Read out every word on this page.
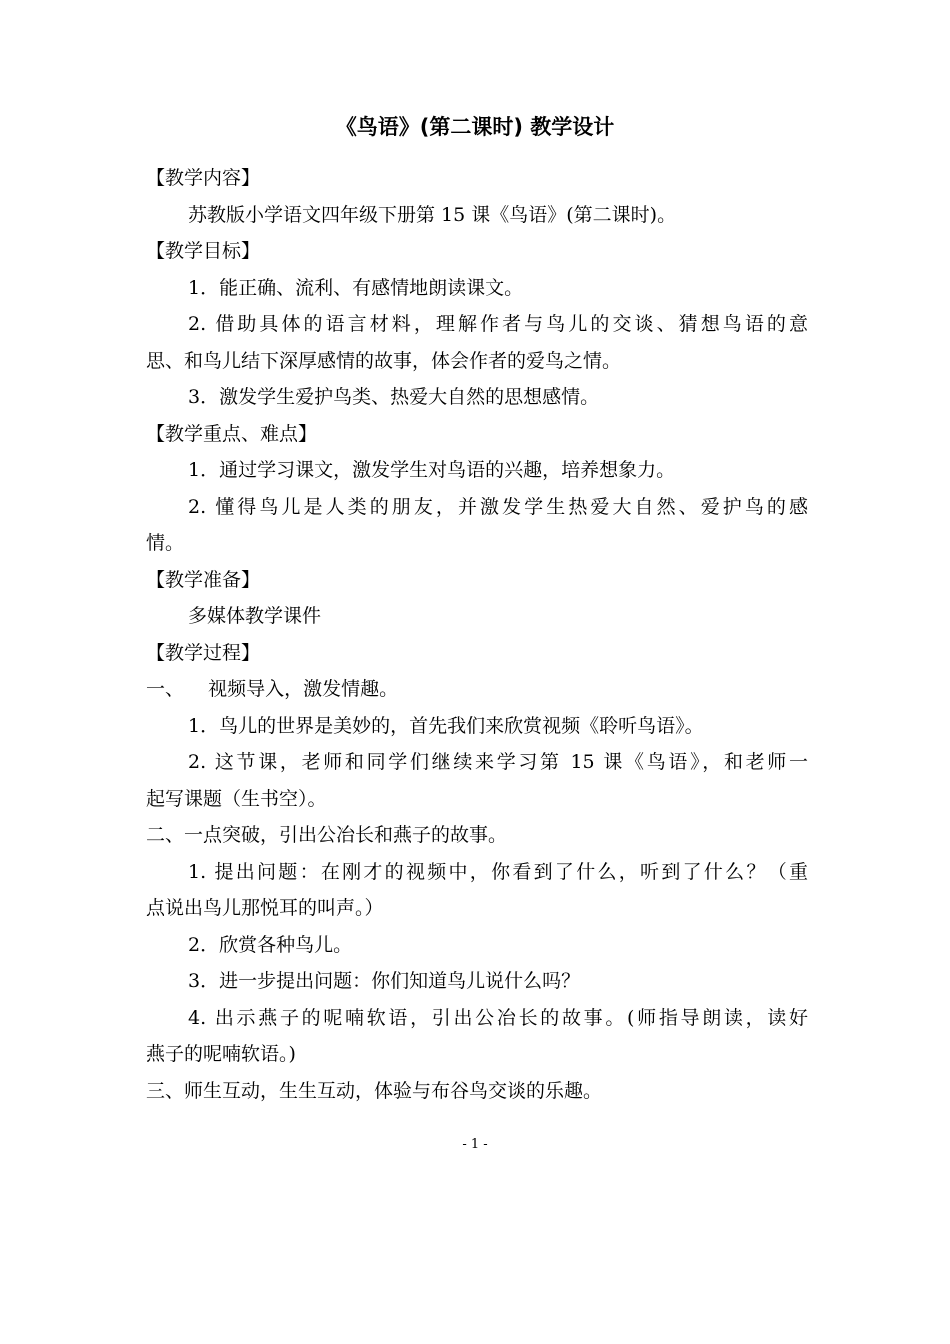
《鸟语》(第二课时) 教学设计
【教学内容】
苏教版小学语文四年级下册第 15 课《鸟语》(第二课时)。
【教学目标】
1．能正确、流利、有感情地朗读课文。
2. 借助具体的语言材料，理解作者与鸟儿的交谈、猜想鸟语的意
思、和鸟儿结下深厚感情的故事，体会作者的爱鸟之情。
3．激发学生爱护鸟类、热爱大自然的思想感情。
【教学重点、难点】
1．通过学习课文，激发学生对鸟语的兴趣，培养想象力。
2. 懂得鸟儿是人类的朋友，并激发学生热爱大自然、爱护鸟的感
情。
【教学准备】
多媒体教学课件
【教学过程】
一、    视频导入，激发情趣。
1．鸟儿的世界是美妙的，首先我们来欣赏视频《聆听鸟语》。
2. 这节课，老师和同学们继续来学习第 15 课《鸟语》，和老师一
起写课题（生书空）。
二、一点突破，引出公冶长和燕子的故事。
1. 提出问题：在刚才的视频中，你看到了什么，听到了什么？（重
点说出鸟儿那悦耳的叫声。）
2．欣赏各种鸟儿。
3．进一步提出问题：你们知道鸟儿说什么吗？
4. 出示燕子的呢喃软语，引出公冶长的故事。(师指导朗读，读好
燕子的呢喃软语。)
三、师生互动，生生互动，体验与布谷鸟交谈的乐趣。
- 1 -
